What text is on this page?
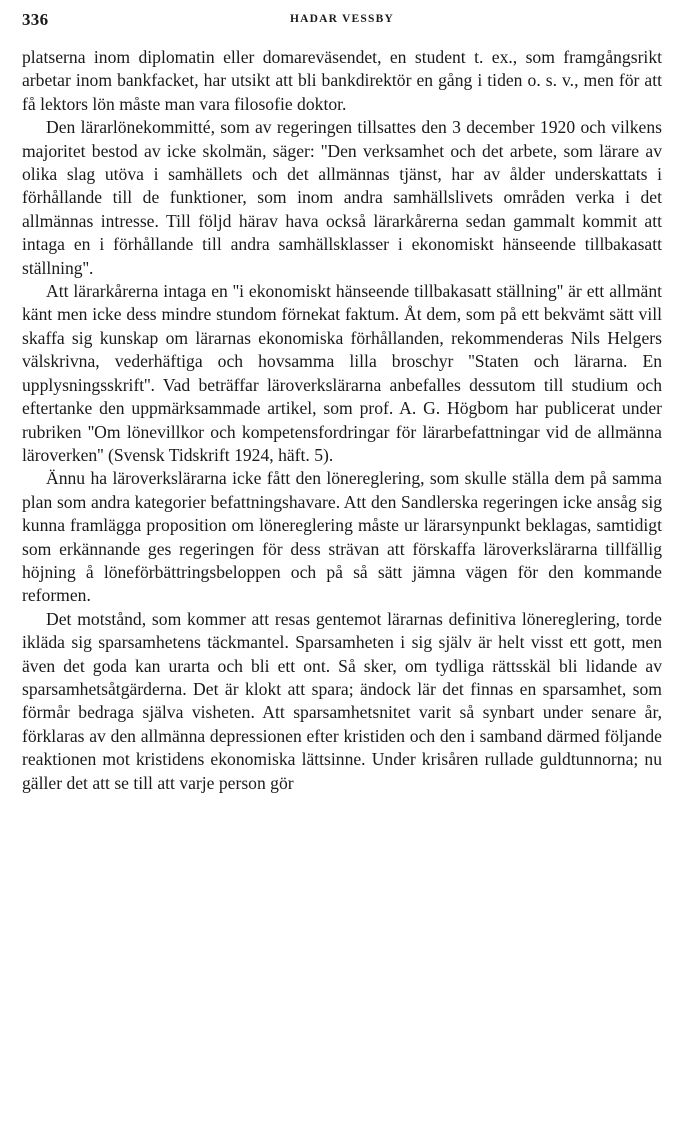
336	HADAR VESSBY

platserna inom diplomatin eller domareväsendet, en student t. ex., som framgångsrikt arbetar inom bankfacket, har utsikt att bli bankdirektör en gång i tiden o. s. v., men för att få lektors lön måste man vara filosofie doktor.

Den lärarlönekommitté, som av regeringen tillsattes den 3 december 1920 och vilkens majoritet bestod av icke skolmän, säger: ''Den verksamhet och det arbete, som lärare av olika slag utöva i samhällets och det allmännas tjänst, har av ålder underskattats i förhållande till de funktioner, som inom andra samhällslivets områden verka i det allmännas intresse. Till följd härav hava också lärarkårerna sedan gammalt kommit att intaga en i förhållande till andra samhällsklasser i ekonomiskt hänseende tillbakasatt ställning''.

Att lärarkårerna intaga en ''i ekonomiskt hänseende tillbakasatt ställning'' är ett allmänt känt men icke dess mindre stundom förnekat faktum. Åt dem, som på ett bekvämt sätt vill skaffa sig kunskap om lärarnas ekonomiska förhållanden, rekommenderas Nils Helgers välskrivna, vederhäftiga och hovsamma lilla broschyr ''Staten och lärarna. En upplysningsskrift''. Vad beträffar läroverkslärarna anbefalles dessutom till studium och eftertanke den uppmärksammade artikel, som prof. A. G. Högbom har publicerat under rubriken ''Om lönevillkor och kompetensfordringar för lärarbefattningar vid de allmänna läroverken'' (Svensk Tidskrift 1924, häft. 5).

Ännu ha läroverkslärarna icke fått den lönereglering, som skulle ställa dem på samma plan som andra kategorier befattningshavare. Att den Sandlerska regeringen icke ansåg sig kunna framlägga proposition om lönereglering måste ur lärarsynpunkt beklagas, samtidigt som erkännande ges regeringen för dess strävan att förskaffa läroverkslärarna tillfällig höjning å löneförbättringsbeloppen och på så sätt jämna vägen för den kommande reformen.

Det motstånd, som kommer att resas gentemot lärarnas definitiva lönereglering, torde ikläda sig sparsamhetens täckmantel. Sparsamheten i sig själv är helt visst ett gott, men även det goda kan urarta och bli ett ont. Så sker, om tydliga rättsskäl bli lidande av sparsamhetsåtgärderna. Det är klokt att spara; ändock lär det finnas en sparsamhet, som förmår bedraga själva visheten. Att sparsamhetsnitet varit så synbart under senare år, förklaras av den allmänna depressionen efter kristiden och den i samband därmed följande reaktionen mot kristidens ekonomiska lättsinne. Under krisåren rullade guldtunnorna; nu gäller det att se till att varje person gör
